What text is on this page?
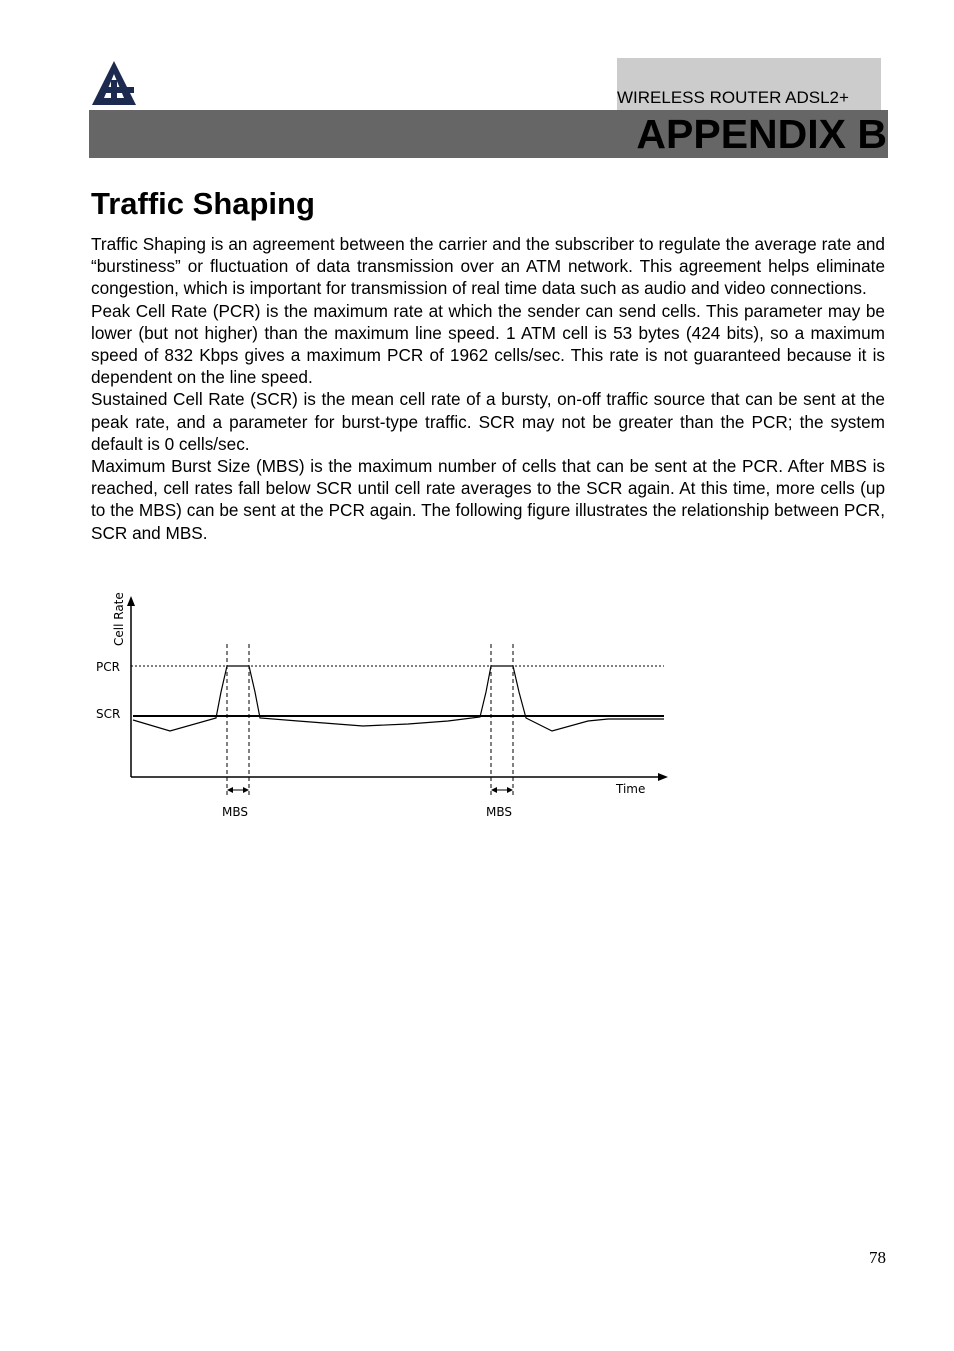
WIRELESS ROUTER ADSL2+
APPENDIX B
Traffic Shaping

Traffic Shaping is an agreement between the carrier and the subscriber to regulate the average rate and “burstiness” or fluctuation of data transmission over an ATM network. This agreement helps eliminate congestion, which is important for transmission of real time data such as audio and video connections.

Peak Cell Rate (PCR) is the maximum rate at which the sender can send cells. This parameter may be lower (but not higher) than the maximum line speed. 1 ATM cell is 53 bytes (424 bits), so a maximum speed of 832 Kbps gives a maximum PCR of 1962 cells/sec. This rate is not guaranteed because it is dependent on the line speed.

Sustained Cell Rate (SCR) is the mean cell rate of a bursty, on-off traffic source that can be sent at the peak rate, and a parameter for burst-type traffic. SCR may not be greater than the PCR; the system default is 0 cells/sec.

Maximum Burst Size (MBS) is the maximum number of cells that can be sent at the PCR. After MBS is reached, cell rates fall below SCR until cell rate averages to the SCR again. At this time, more cells (up to the MBS) can be sent at the PCR again. The following figure illustrates the relationship between PCR, SCR and MBS.

Cell Rate
Time
PCR
SCR
MBS	MBS
78
